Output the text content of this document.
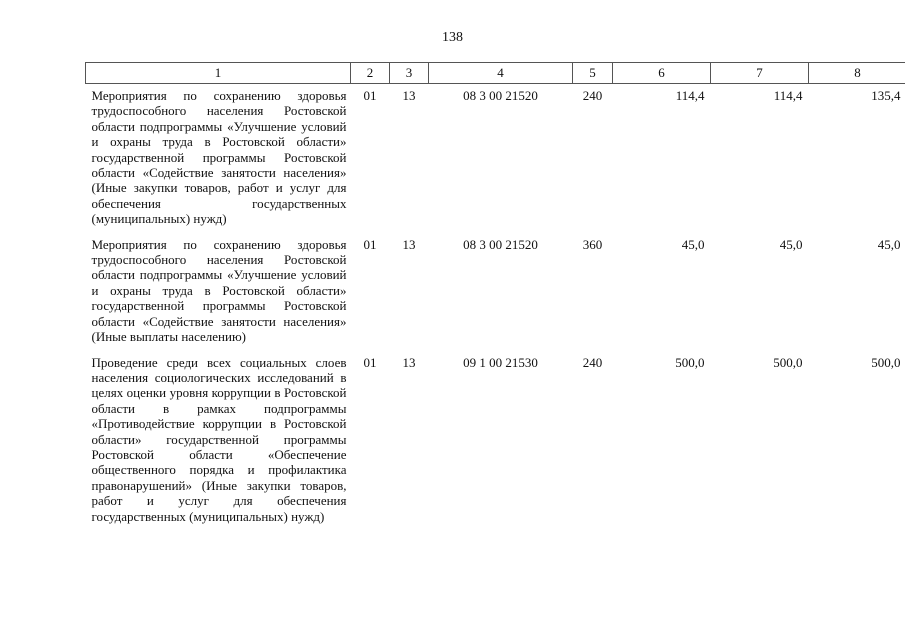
138
1	2	3	4	5	6	7	8
Мероприятия по сохранению здоровья трудоспособного населения Ростовской области подпрограммы «Улучшение условий и охраны труда в Ростовской области» государственной программы Ростовской области «Содействие занятости населения» (Иные закупки товаров, работ и услуг для обеспечения государственных (муниципальных) нужд)	01	13	08 3 00 21520	240	114,4	114,4	135,4
Мероприятия по сохранению здоровья трудоспособного населения Ростовской области подпрограммы «Улучшение условий и охраны труда в Ростовской области» государственной программы Ростовской области «Содействие занятости населения» (Иные выплаты населению)	01	13	08 3 00 21520	360	45,0	45,0	45,0
Проведение среди всех социальных слоев населения социологических исследований в целях оценки уровня коррупции в Ростовской области в рамках подпрограммы «Противодействие коррупции в Ростовской области» государственной программы Ростовской области «Обеспечение общественного порядка и профилактика правонарушений» (Иные закупки товаров, работ и услуг для обеспечения государственных (муниципальных) нужд)	01	13	09 1 00 21530	240	500,0	500,0	500,0
